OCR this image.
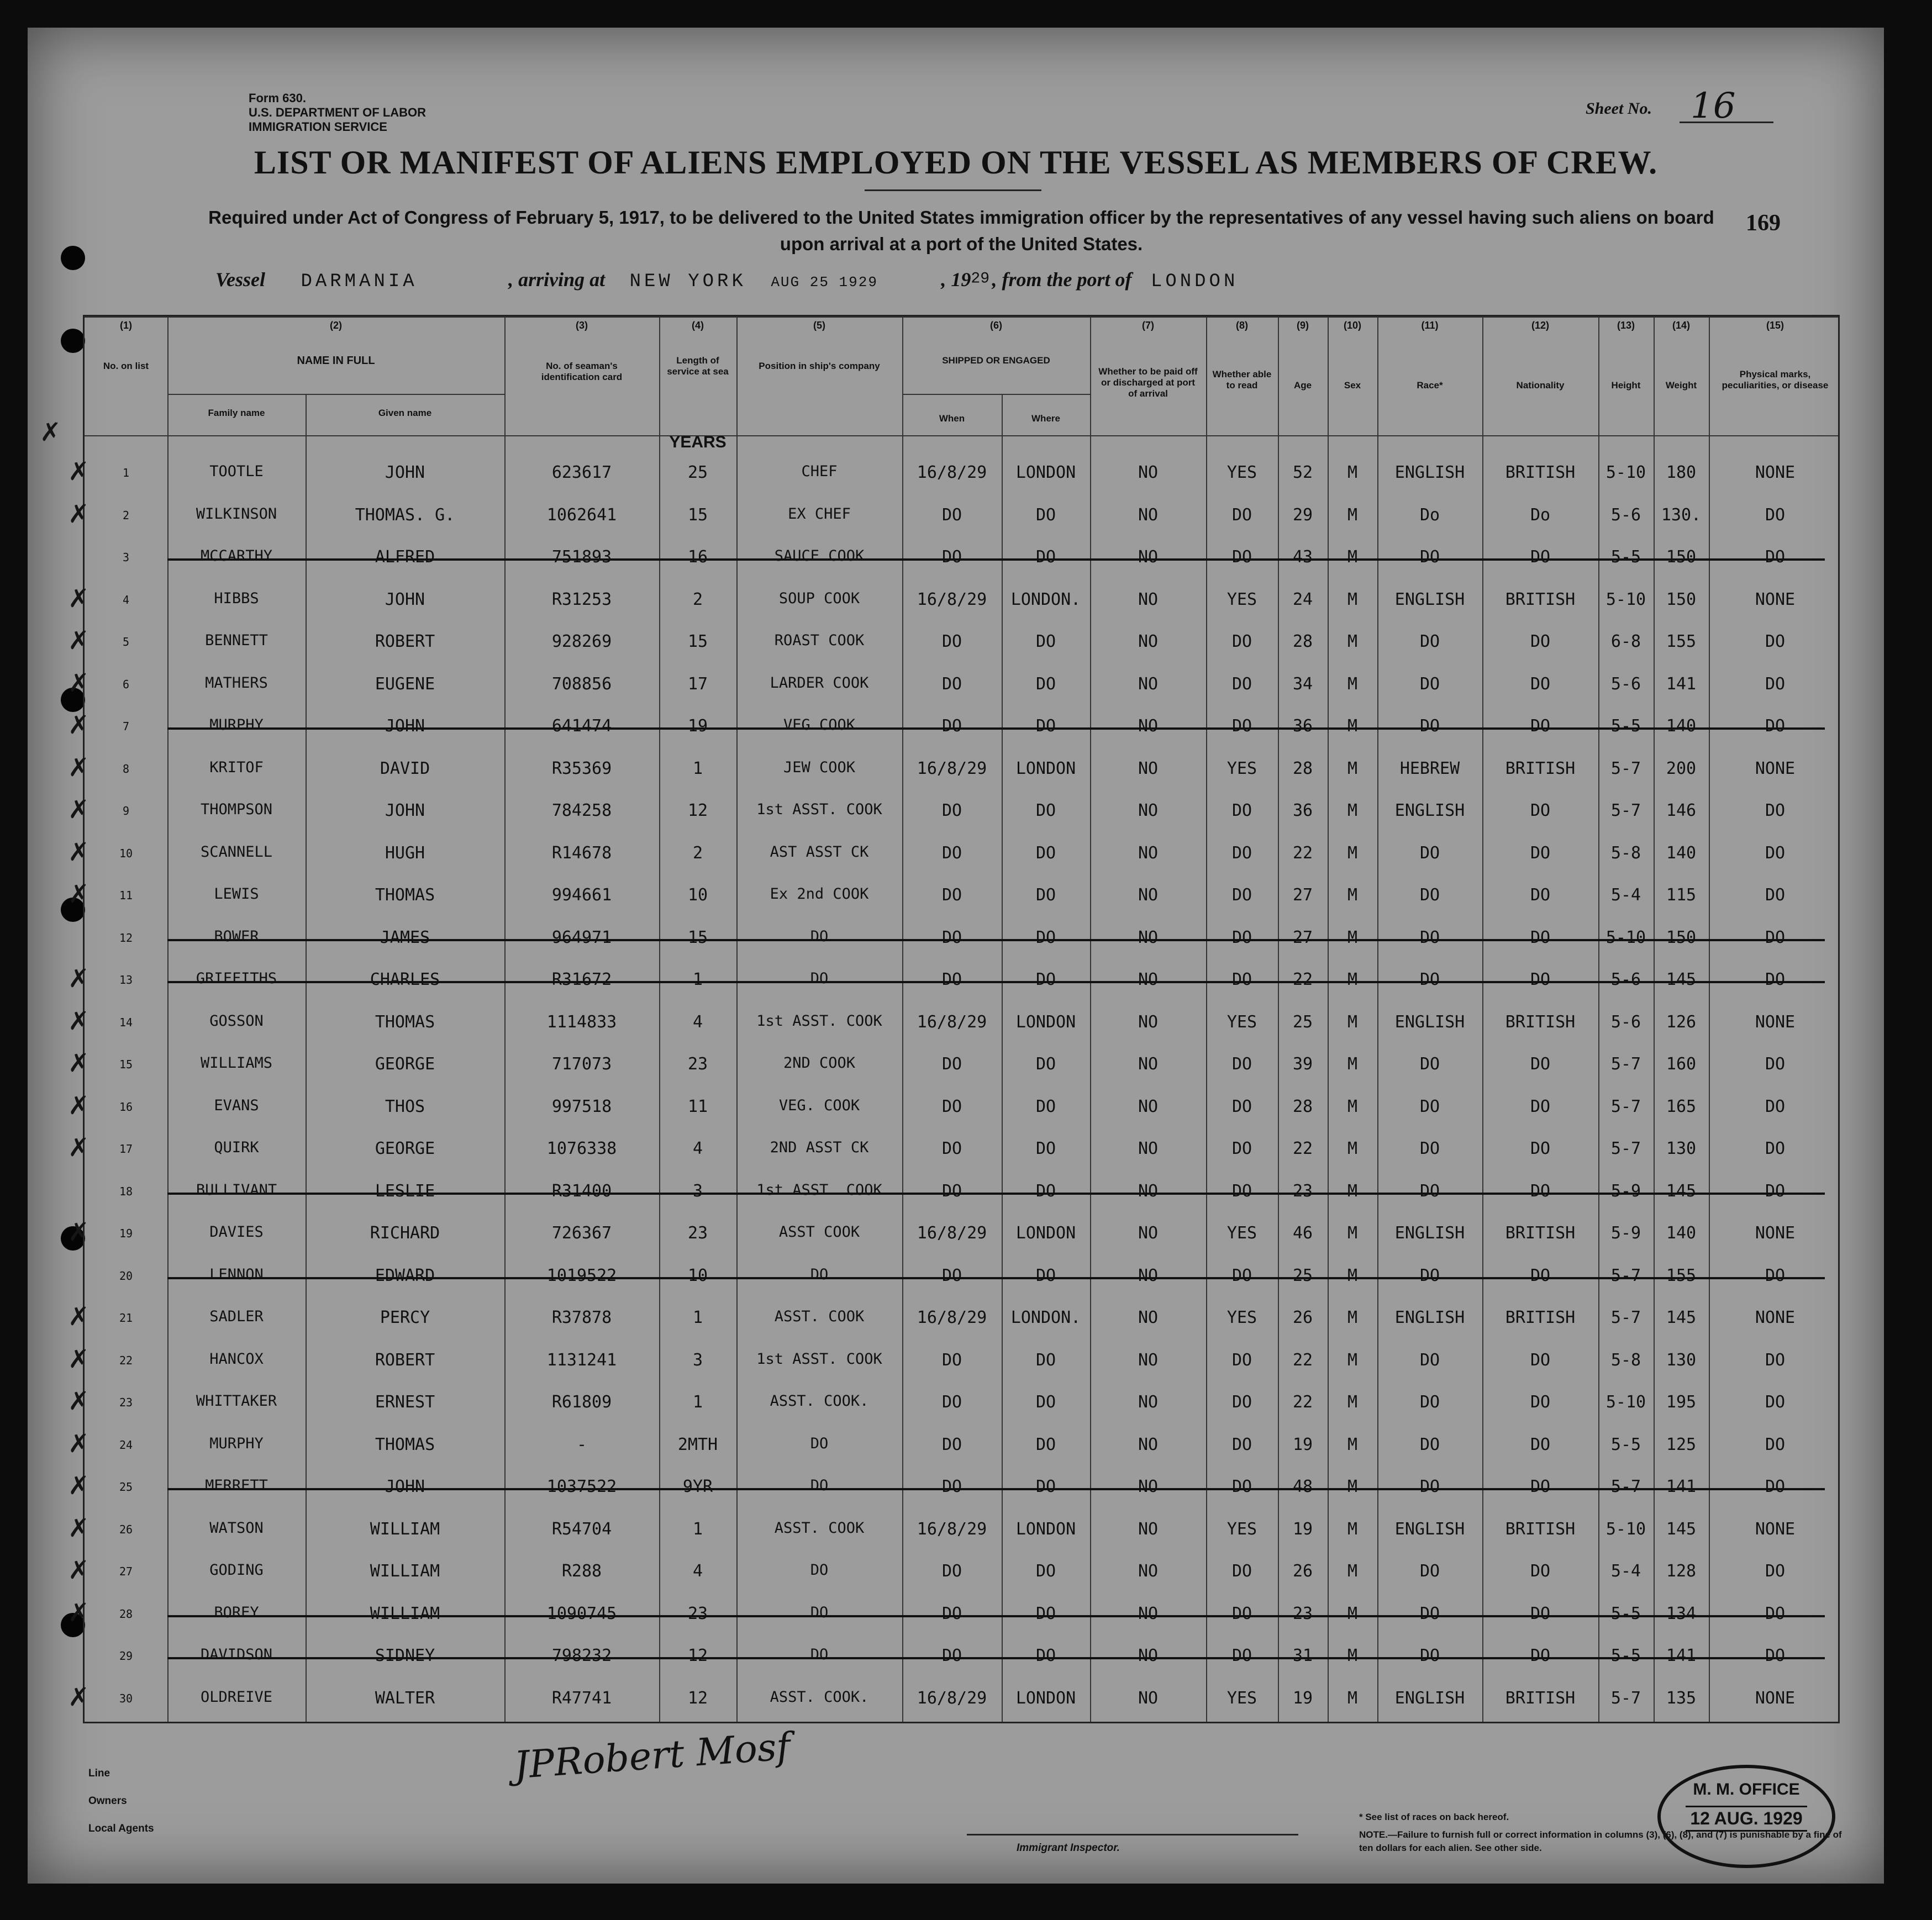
Form 630.
U.S. DEPARTMENT OF LABOR
IMMIGRATION SERVICE
Sheet No. 16
LIST OR MANIFEST OF ALIENS EMPLOYED ON THE VESSEL AS MEMBERS OF CREW.
Required under Act of Congress of February 5, 1917, to be delivered to the United States immigration officer by the representatives of any vessel having such aliens on board upon arrival at a port of the United States.
169
Vessel DARMANIA	, arriving at NEW YORK AUG 25 1929	, 1929 , from the port of LONDON
(1)	(2)	(3)	(4)	(5)	(6)	(7)	(8)	(9)	(10)	(11)	(12)	(13)	(14)	(15)
No. on list	NAME IN FULL
Family name	Given name
No. of seaman's identification card
Length of service at sea
Position in ship's company
SHIPPED OR ENGAGED
When	Where
Whether to be paid off or discharged at port of arrival
Whether able to read	Age	Sex	Race*	Nationality	Height	Weight
Physical marks, peculiarities, or disease
YEARS
1	TOOTLE	JOHN	623617	25	CHEF	16/8/29	LONDON	NO	YES	52	M	ENGLISH	BRITISH	5-10	180	NONE
✗
2	WILKINSON	THOMAS. G.	1062641	15	EX CHEF	DO	DO	NO	DO	29	M	Do	Do	5-6	130.	DO
✗
3	MCCARTHY	ALFRED	751893	16	SAUCE COOK	DO	DO	NO	DO	43	M	DO	DO	5-5	150	DO
4	HIBBS	JOHN	R31253	2	SOUP COOK	16/8/29	LONDON.	NO	YES	24	M	ENGLISH	BRITISH	5-10	150	NONE
✗
5	BENNETT	ROBERT	928269	15	ROAST COOK	DO	DO	NO	DO	28	M	DO	DO	6-8	155	DO
✗
6	MATHERS	EUGENE	708856	17	LARDER COOK	DO	DO	NO	DO	34	M	DO	DO	5-6	141	DO
✗
7	MURPHY	JOHN	641474	19	VEG COOK	DO	DO	NO	DO	36	M	DO	DO	5-5	140	DO
✗
8	KRITOF	DAVID	R35369	1	JEW COOK	16/8/29	LONDON	NO	YES	28	M	HEBREW	BRITISH	5-7	200	NONE
✗
9	THOMPSON	JOHN	784258	12	1st ASST. COOK	DO	DO	NO	DO	36	M	ENGLISH	DO	5-7	146	DO
✗
10	SCANNELL	HUGH	R14678	2	AST ASST CK	DO	DO	NO	DO	22	M	DO	DO	5-8	140	DO
✗
11	LEWIS	THOMAS	994661	10	Ex 2nd COOK	DO	DO	NO	DO	27	M	DO	DO	5-4	115	DO
✗
12	BOWER	JAMES	964971	15	DO	DO	DO	NO	DO	27	M	DO	DO	5-10	150	DO
13	GRIFFITHS	CHARLES	R31672	1	DO	DO	DO	NO	DO	22	M	DO	DO	5-6	145	DO
✗
14	GOSSON	THOMAS	1114833	4	1st ASST. COOK	16/8/29	LONDON	NO	YES	25	M	ENGLISH	BRITISH	5-6	126	NONE
✗
15	WILLIAMS	GEORGE	717073	23	2ND COOK	DO	DO	NO	DO	39	M	DO	DO	5-7	160	DO
✗
16	EVANS	THOS	997518	11	VEG. COOK	DO	DO	NO	DO	28	M	DO	DO	5-7	165	DO
✗
17	QUIRK	GEORGE	1076338	4	2ND ASST CK	DO	DO	NO	DO	22	M	DO	DO	5-7	130	DO
✗
18	BULLIVANT	LESLIE	R31400	3	1st ASST. COOK	DO	DO	NO	DO	23	M	DO	DO	5-9	145	DO
19	DAVIES	RICHARD	726367	23	ASST COOK	16/8/29	LONDON	NO	YES	46	M	ENGLISH	BRITISH	5-9	140	NONE
✗
20	LENNON	EDWARD	1019522	10	DO	DO	DO	NO	DO	25	M	DO	DO	5-7	155	DO
21	SADLER	PERCY	R37878	1	ASST. COOK	16/8/29	LONDON.	NO	YES	26	M	ENGLISH	BRITISH	5-7	145	NONE
✗
22	HANCOX	ROBERT	1131241	3	1st ASST. COOK	DO	DO	NO	DO	22	M	DO	DO	5-8	130	DO
✗
23	WHITTAKER	ERNEST	R61809	1	ASST. COOK.	DO	DO	NO	DO	22	M	DO	DO	5-10	195	DO
✗
24	MURPHY	THOMAS	-	2MTH	DO	DO	DO	NO	DO	19	M	DO	DO	5-5	125	DO
✗
25	MERRETT	JOHN	1037522	9YR	DO	DO	DO	NO	DO	48	M	DO	DO	5-7	141	DO
✗
26	WATSON	WILLIAM	R54704	1	ASST. COOK	16/8/29	LONDON	NO	YES	19	M	ENGLISH	BRITISH	5-10	145	NONE
✗
27	GODING	WILLIAM	R288	4	DO	DO	DO	NO	DO	26	M	DO	DO	5-4	128	DO
✗
28	BOREY	WILLIAM	1090745	23	DO	DO	DO	NO	DO	23	M	DO	DO	5-5	134	DO
✗
29	DAVIDSON	SIDNEY	798232	12	DO	DO	DO	NO	DO	31	M	DO	DO	5-5	141	DO
30	OLDREIVE	WALTER	R47741	12	ASST. COOK.	16/8/29	LONDON	NO	YES	19	M	ENGLISH	BRITISH	5-7	135	NONE
✗
✗
JPRobert Mosf
Line
Owners
Local Agents
Immigrant Inspector.
* See list of races on back hereof.
NOTE.—Failure to furnish full or correct information in columns (3), (6), (8), and (7) is punishable by a fine of ten dollars for each alien. See other side.
M. M. OFFICE
12 AUG. 1929
